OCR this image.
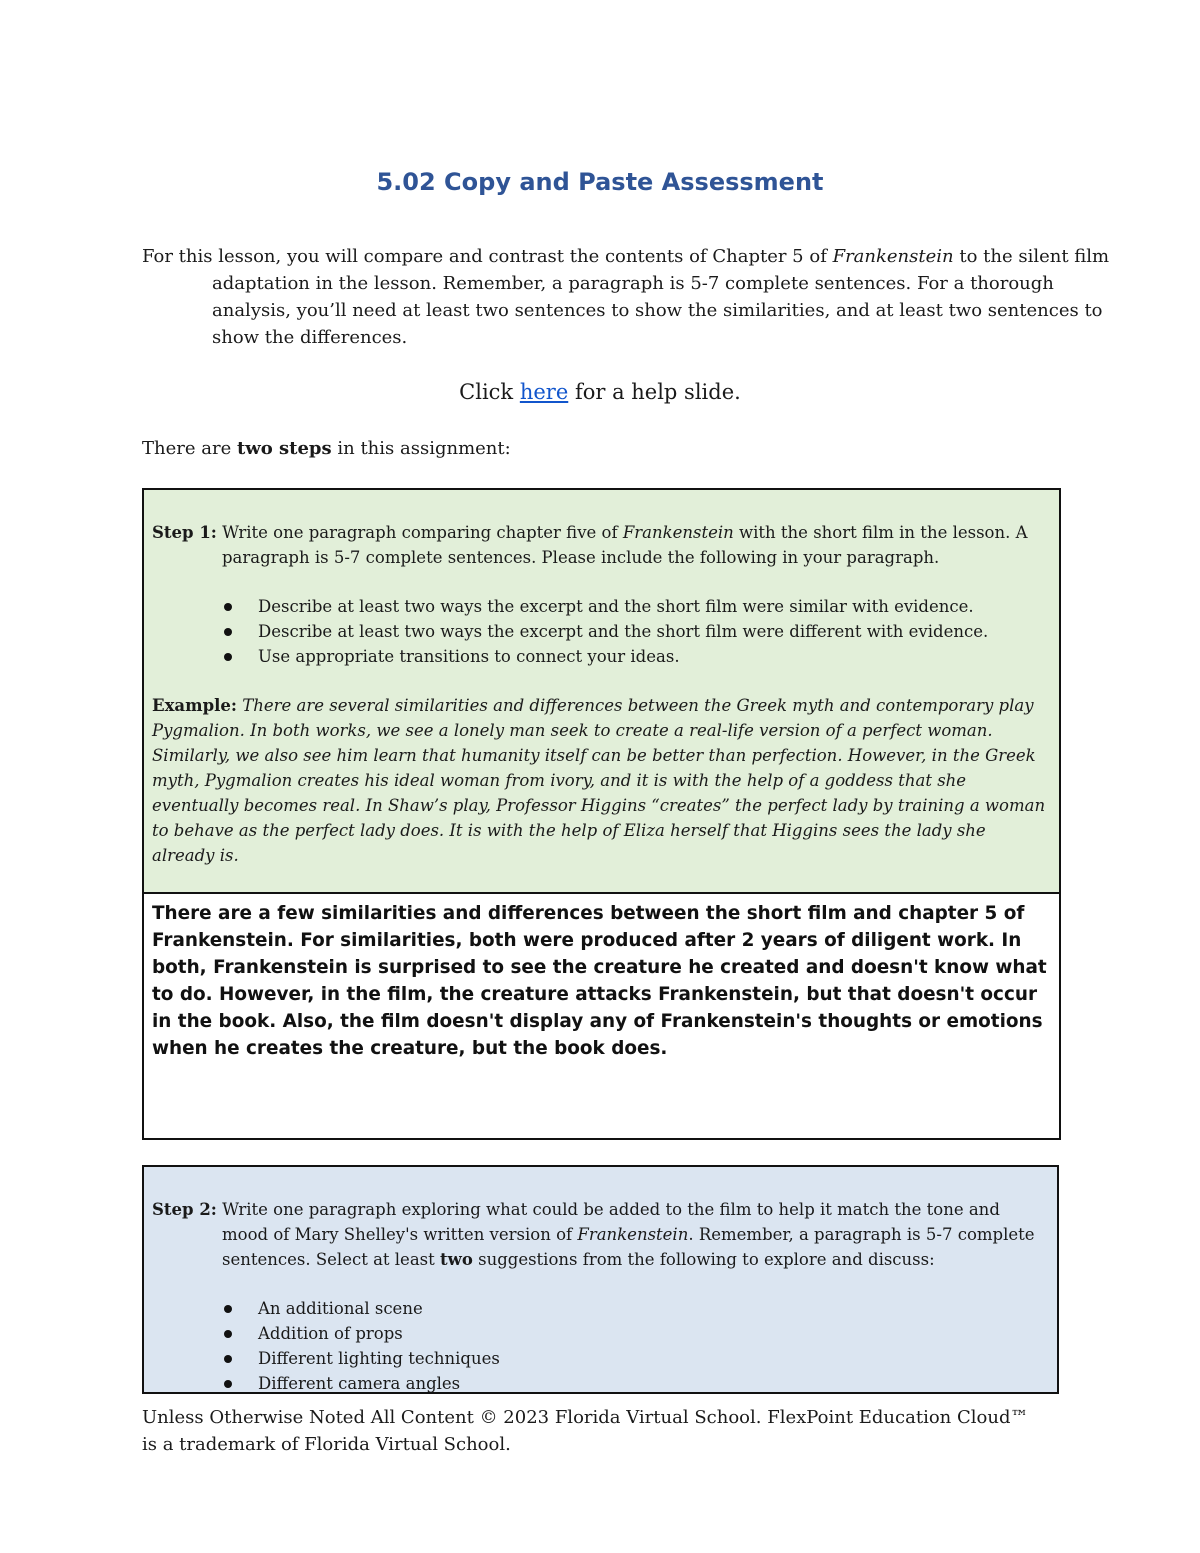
5.02 Copy and Paste Assessment

For this lesson, you will compare and contrast the contents of Chapter 5 of Frankenstein to the silent film adaptation in the lesson. Remember, a paragraph is 5-7 complete sentences. For a thorough analysis, you’ll need at least two sentences to show the similarities, and at least two sentences to show the differences.

Click here for a help slide.

There are two steps in this assignment:

Step 1: Write one paragraph comparing chapter five of Frankenstein with the short film in the lesson. A paragraph is 5-7 complete sentences. Please include the following in your paragraph.

Describe at least two ways the excerpt and the short film were similar with evidence.
Describe at least two ways the excerpt and the short film were different with evidence.
Use appropriate transitions to connect your ideas.

Example: There are several similarities and differences between the Greek myth and contemporary play Pygmalion. In both works, we see a lonely man seek to create a real-life version of a perfect woman. Similarly, we also see him learn that humanity itself can be better than perfection. However, in the Greek myth, Pygmalion creates his ideal woman from ivory, and it is with the help of a goddess that she eventually becomes real. In Shaw’s play, Professor Higgins “creates” the perfect lady by training a woman to behave as the perfect lady does. It is with the help of Eliza herself that Higgins sees the lady she already is.

There are a few similarities and differences between the short film and chapter 5 of Frankenstein. For similarities, both were produced after 2 years of diligent work. In both, Frankenstein is surprised to see the creature he created and doesn't know what to do. However, in the film, the creature attacks Frankenstein, but that doesn't occur in the book. Also, the film doesn't display any of Frankenstein's thoughts or emotions when he creates the creature, but the book does.

Step 2: Write one paragraph exploring what could be added to the film to help it match the tone and mood of Mary Shelley's written version of Frankenstein. Remember, a paragraph is 5-7 complete sentences. Select at least two suggestions from the following to explore and discuss:

An additional scene
Addition of props
Different lighting techniques
Different camera angles

Unless Otherwise Noted All Content © 2023 Florida Virtual School. FlexPoint Education Cloud™ is a trademark of Florida Virtual School.
